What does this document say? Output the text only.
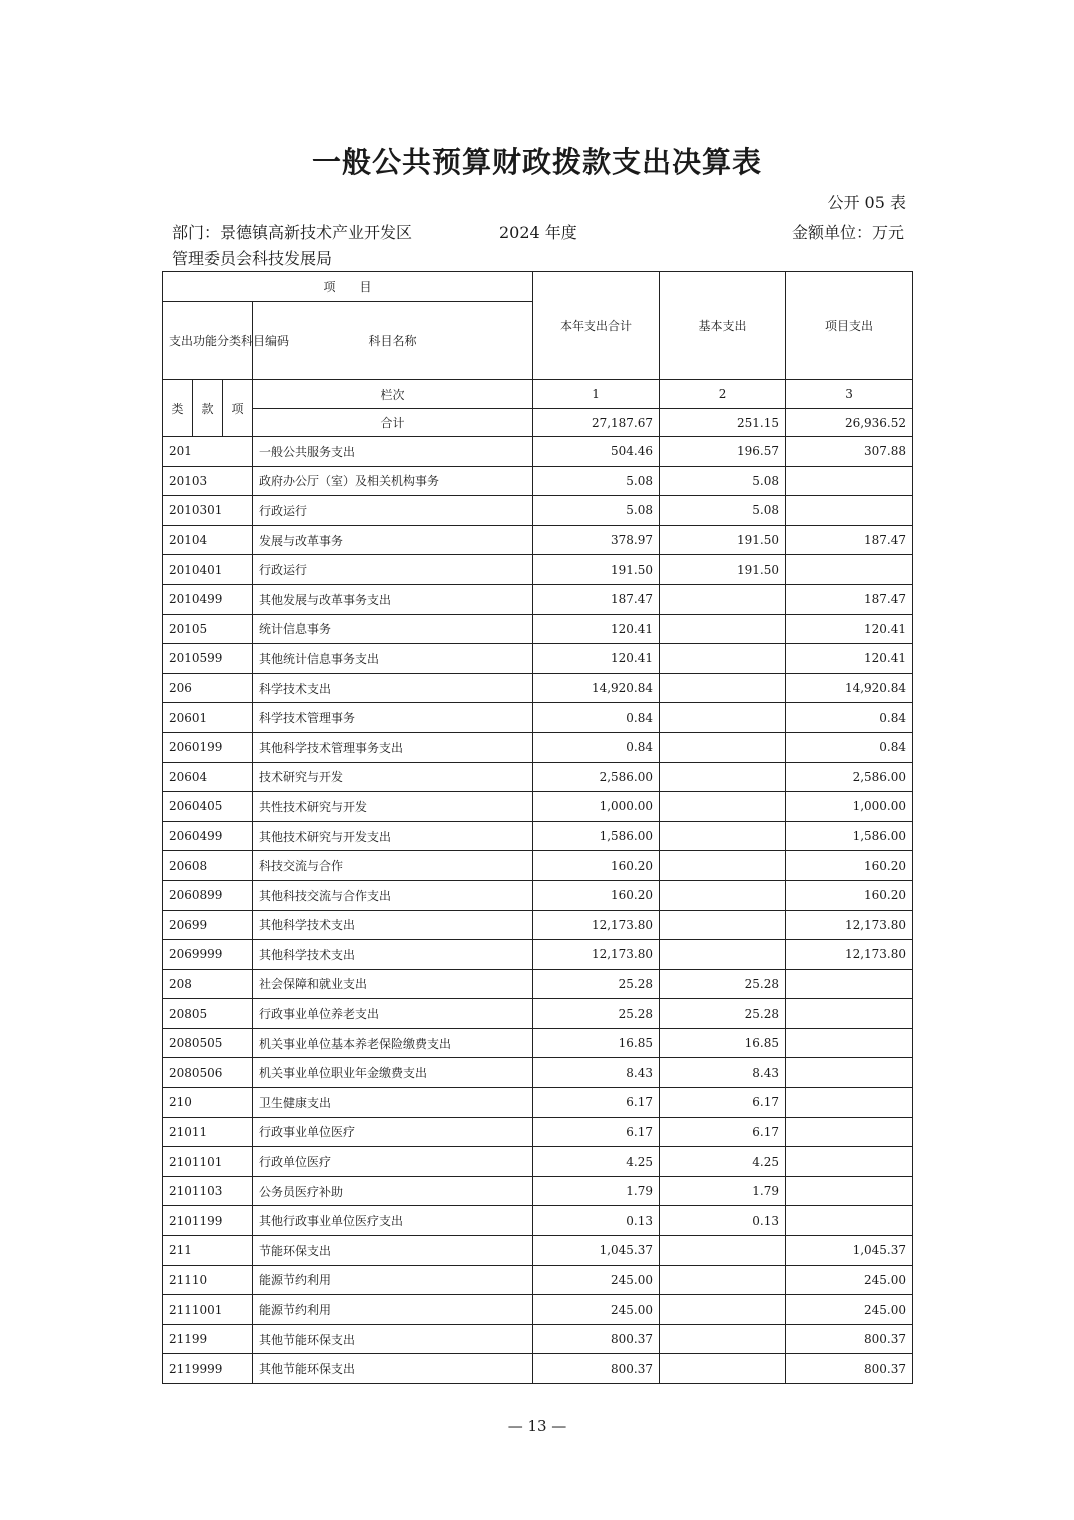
一般公共预算财政拨款支出决算表
公开 05 表
部门：景德镇高新技术产业开发区
管理委员会科技发展局
2024 年度	金额单位：万元
项　　目				本年支出合计	基本支出	项目支出
支出功能分类科目编码			科目名称			
类	款	项	栏次	1	2	3
			合计	27,187.67	251.15	26,936.52
201			一般公共服务支出	504.46	196.57	307.88
20103			政府办公厅（室）及相关机构事务	5.08	5.08	
2010301			行政运行	5.08	5.08	
20104			发展与改革事务	378.97	191.50	187.47
2010401			行政运行	191.50	191.50	
2010499			其他发展与改革事务支出	187.47		187.47
20105			统计信息事务	120.41		120.41
2010599			其他统计信息事务支出	120.41		120.41
206			科学技术支出	14,920.84		14,920.84
20601			科学技术管理事务	0.84		0.84
2060199			其他科学技术管理事务支出	0.84		0.84
20604			技术研究与开发	2,586.00		2,586.00
2060405			共性技术研究与开发	1,000.00		1,000.00
2060499			其他技术研究与开发支出	1,586.00		1,586.00
20608			科技交流与合作	160.20		160.20
2060899			其他科技交流与合作支出	160.20		160.20
20699			其他科学技术支出	12,173.80		12,173.80
2069999			其他科学技术支出	12,173.80		12,173.80
208			社会保障和就业支出	25.28	25.28	
20805			行政事业单位养老支出	25.28	25.28	
2080505			机关事业单位基本养老保险缴费支出	16.85	16.85	
2080506			机关事业单位职业年金缴费支出	8.43	8.43	
210			卫生健康支出	6.17	6.17	
21011			行政事业单位医疗	6.17	6.17	
2101101			行政单位医疗	4.25	4.25	
2101103			公务员医疗补助	1.79	1.79	
2101199			其他行政事业单位医疗支出	0.13	0.13	
211			节能环保支出	1,045.37		1,045.37
21110			能源节约利用	245.00		245.00
2111001			能源节约利用	245.00		245.00
21199			其他节能环保支出	800.37		800.37
2119999			其他节能环保支出	800.37		800.37
— 13 —
